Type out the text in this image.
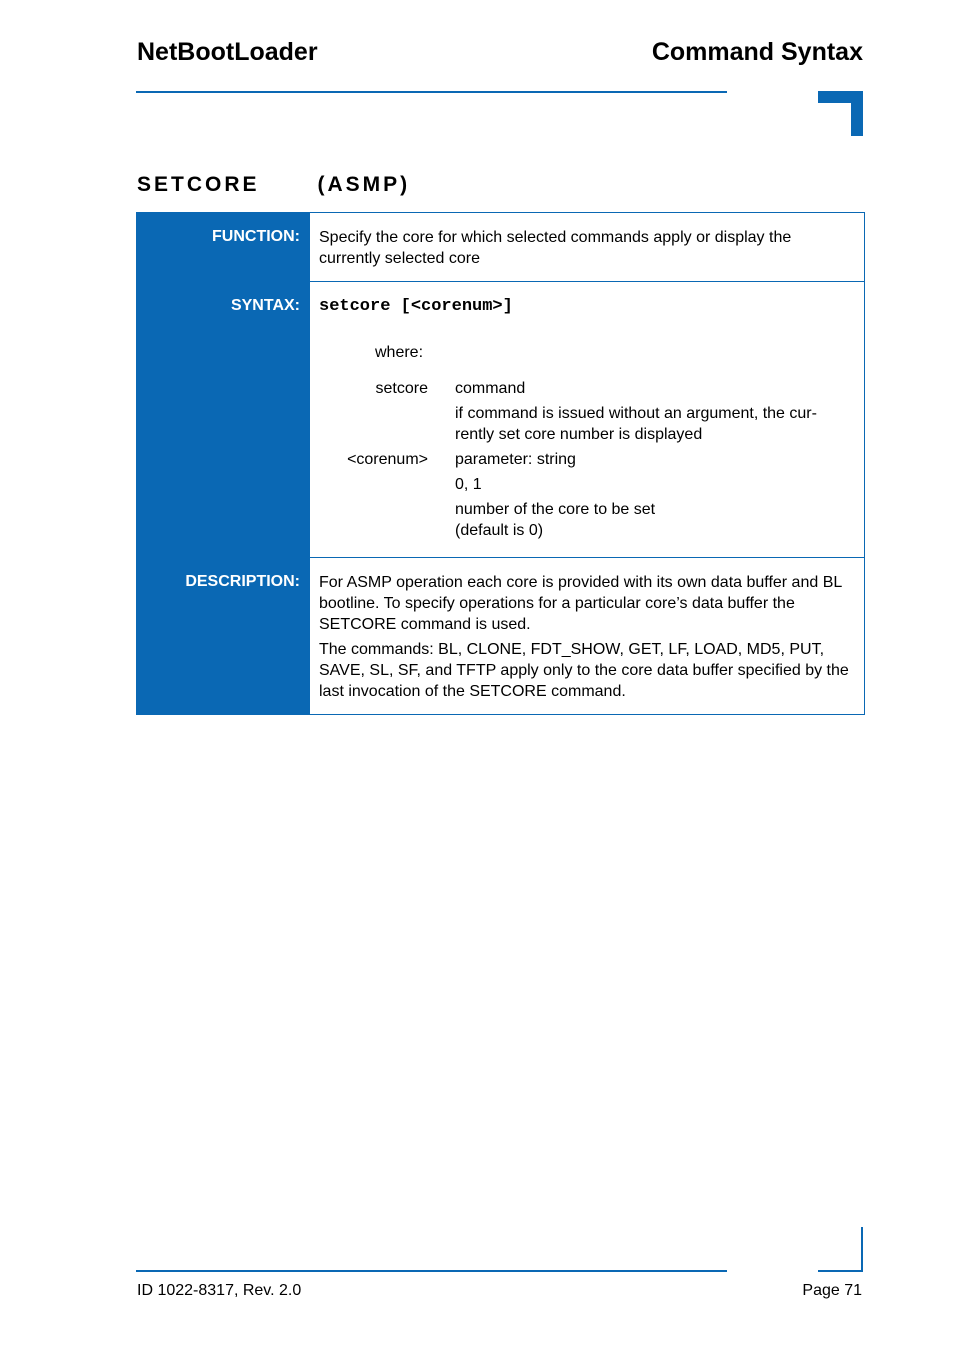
NetBootLoader	Command Syntax
SETCORE	(ASMP)
FUNCTION:	Specify the core for which selected commands apply or display the currently selected core
SYNTAX:	setcore [<corenum>]
where:
setcore command
if command is issued without an argument, the cur-rently set core number is displayed
<corenum> parameter: string
0, 1
number of the core to be set (default is 0)
DESCRIPTION:	For ASMP operation each core is provided with its own data buffer and BL bootline. To specify operations for a particular core’s data buffer the SETCORE command is used.

The commands: BL, CLONE, FDT_SHOW, GET, LF, LOAD, MD5, PUT, SAVE, SL, SF, and TFTP apply only to the core data buffer specified by the last invocation of the SETCORE command.

ID 1022-8317, Rev. 2.0	Page 71
